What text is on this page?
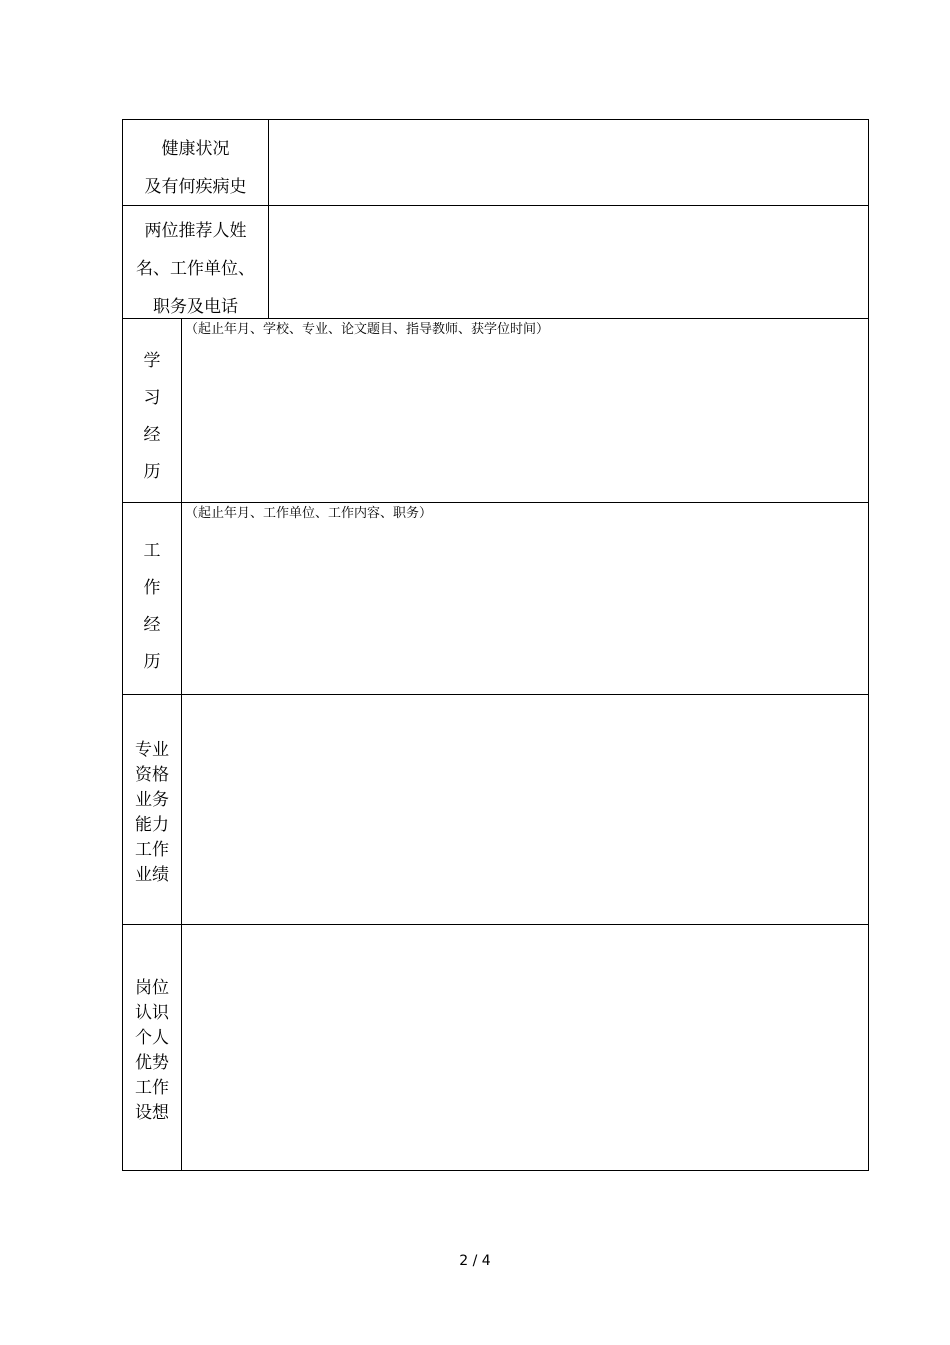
健康状况
及有何疾病史
两位推荐人姓
名、工作单位、
职务及电话
学
习
经
历
（起止年月、学校、专业、论文题目、指导教师、获学位时间）
工
作
经
历
（起止年月、工作单位、工作内容、职务）
专业
资格
业务
能力
工作
业绩
岗位
认识
个人
优势
工作
设想
2 / 4
